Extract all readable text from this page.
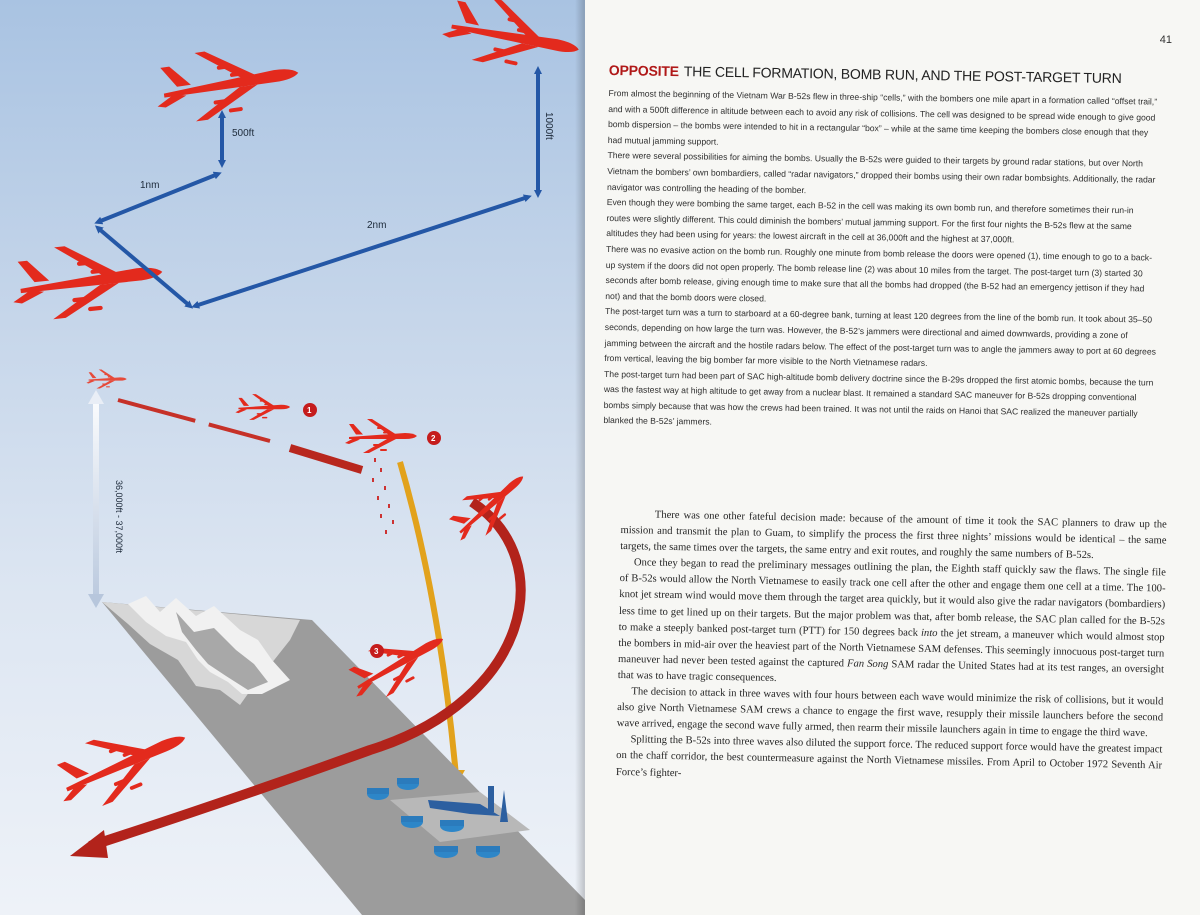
500ft	1000ft
1nm
2nm
1
2
36,000ft - 37,000ft
3
41
OPPOSITE THE CELL FORMATION, BOMB RUN, AND THE POST-TARGET TURN

From almost the beginning of the Vietnam War B-52s flew in three-ship “cells,” with the bombers one mile apart in a formation called “offset trail,” and with a 500ft difference in altitude between each to avoid any risk of collisions. The cell was designed to be spread wide enough to give good bomb dispersion – the bombs were intended to hit in a rectangular “box” – while at the same time keeping the bombers close enough that they had mutual jamming support.

There were several possibilities for aiming the bombs. Usually the B-52s were guided to their targets by ground radar stations, but over North Vietnam the bombers’ own bombardiers, called “radar navigators,” dropped their bombs using their own radar bombsights. Additionally, the radar navigator was controlling the heading of the bomber.

Even though they were bombing the same target, each B-52 in the cell was making its own bomb run, and therefore sometimes their run-in routes were slightly different. This could diminish the bombers’ mutual jamming support. For the first four nights the B-52s flew at the same altitudes they had been using for years: the lowest aircraft in the cell at 36,000ft and the highest at 37,000ft.

There was no evasive action on the bomb run. Roughly one minute from bomb release the doors were opened (1), time enough to go to a back-up system if the doors did not open properly. The bomb release line (2) was about 10 miles from the target. The post-target turn (3) started 30 seconds after bomb release, giving enough time to make sure that all the bombs had dropped (the B-52 had an emergency jettison if they had not) and that the bomb doors were closed.

The post-target turn was a turn to starboard at a 60-degree bank, turning at least 120 degrees from the line of the bomb run. It took about 35–50 seconds, depending on how large the turn was. However, the B-52’s jammers were directional and aimed downwards, providing a zone of jamming between the aircraft and the hostile radars below. The effect of the post-target turn was to angle the jammers away to port at 60 degrees from vertical, leaving the big bomber far more visible to the North Vietnamese radars.

The post-target turn had been part of SAC high-altitude bomb delivery doctrine since the B-29s dropped the first atomic bombs, because the turn was the fastest way at high altitude to get away from a nuclear blast. It remained a standard SAC maneuver for B-52s dropping conventional bombs simply because that was how the crews had been trained. It was not until the raids on Hanoi that SAC realized the maneuver partially blanked the B-52s’ jammers.

There was one other fateful decision made: because of the amount of time it took the SAC planners to draw up the mission and transmit the plan to Guam, to simplify the process the first three nights’ missions would be identical – the same targets, the same times over the targets, the same entry and exit routes, and roughly the same numbers of B-52s.

Once they began to read the preliminary messages outlining the plan, the Eighth staff quickly saw the flaws. The single file of B-52s would allow the North Vietnamese to easily track one cell after the other and engage them one cell at a time. The 100-knot jet stream wind would move them through the target area quickly, but it would also give the radar navigators (bombardiers) less time to get lined up on their targets. But the major problem was that, after bomb release, the SAC plan called for the B-52s to make a steeply banked post-target turn (PTT) for 150 degrees back into the jet stream, a maneuver which would almost stop the bombers in mid-air over the heaviest part of the North Vietnamese SAM defenses. This seemingly innocuous post-target turn maneuver had never been tested against the captured Fan Song SAM radar the United States had at its test ranges, an oversight that was to have tragic consequences.

The decision to attack in three waves with four hours between each wave would minimize the risk of collisions, but it would also give North Vietnamese SAM crews a chance to engage the first wave, resupply their missile launchers before the second wave arrived, engage the second wave fully armed, then rearm their missile launchers again in time to engage the third wave.

Splitting the B-52s into three waves also diluted the support force. The reduced support force would have the greatest impact on the chaff corridor, the best countermeasure against the North Vietnamese missiles. From April to October 1972 Seventh Air Force’s fighter-
